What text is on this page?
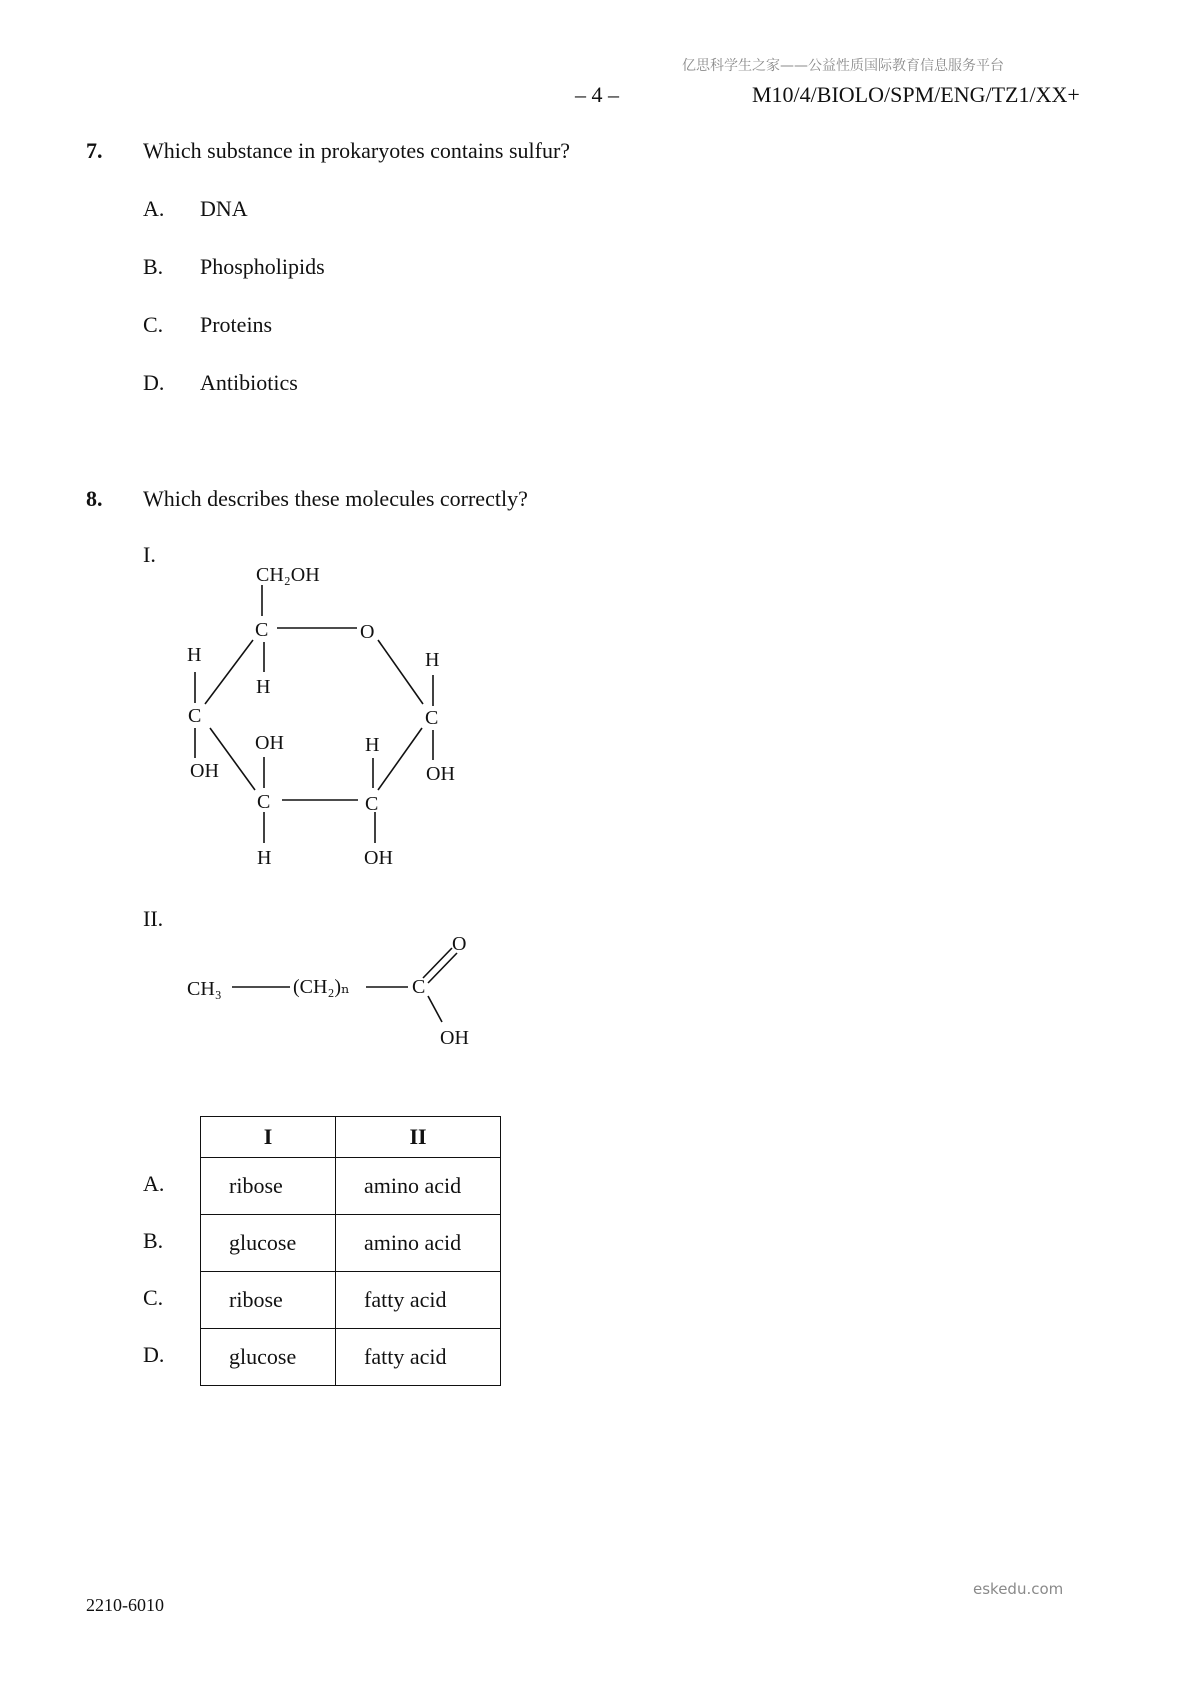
亿思科学生之家——公益性质国际教育信息服务平台
– 4 –	M10/4/BIOLO/SPM/ENG/TZ1/XX+
7. Which substance in prokaryotes contains sulfur?
A. DNA
B. Phospholipids
C. Proteins
D. Antibiotics
8. Which describes these molecules correctly?
I.
II.
CH₂OH
C	O
H
C
OH
H
C
OH
H
OH
C
H
H
C
OH
CH₃	(CH₂)ₙ	C
O
OH
I	II
ribose	amino acid
glucose	amino acid
ribose	fatty acid
glucose	fatty acid
A.
B.
C.
D.
2210-6010
eskedu.com
